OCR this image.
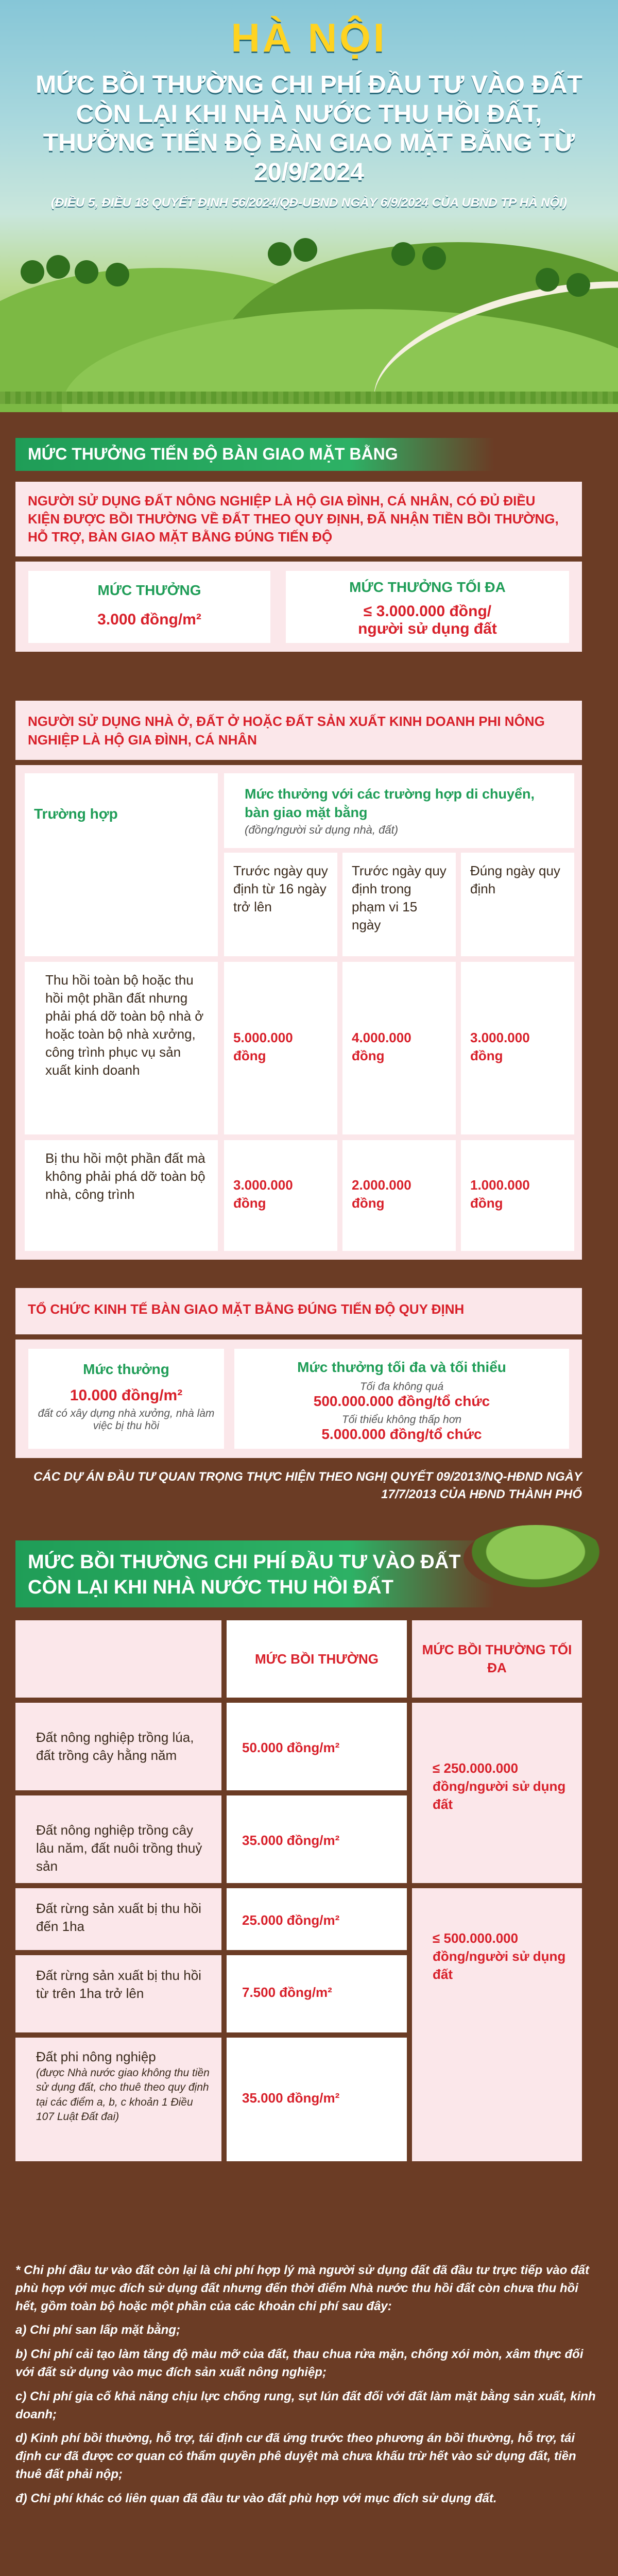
HÀ NỘI
MỨC BỒI THƯỜNG CHI PHÍ ĐẦU TƯ VÀO ĐẤT
CÒN LẠI KHI NHÀ NƯỚC THU HỒI ĐẤT,
THƯỞNG TIẾN ĐỘ BÀN GIAO MẶT BẰNG TỪ 20/9/2024
(ĐIỀU 5, ĐIỀU 18 QUYẾT ĐỊNH 56/2024/QĐ-UBND NGÀY 6/9/2024 CỦA UBND TP HÀ NỘI)
MỨC THƯỞNG TIẾN ĐỘ BÀN GIAO MẶT BẰNG
NGƯỜI SỬ DỤNG ĐẤT NÔNG NGHIỆP LÀ HỘ GIA ĐÌNH, CÁ NHÂN, CÓ ĐỦ ĐIỀU KIỆN ĐƯỢC BỒI THƯỜNG VỀ ĐẤT THEO QUY ĐỊNH, ĐÃ NHẬN TIỀN BỒI THƯỜNG, HỖ TRỢ, BÀN GIAO MẶT BẰNG ĐÚNG TIẾN ĐỘ
MỨC THƯỞNG
3.000 đồng/m²
MỨC THƯỞNG TỐI ĐA
≤ 3.000.000 đồng/
người sử dụng đất
NGƯỜI SỬ DỤNG NHÀ Ở, ĐẤT Ở HOẶC ĐẤT SẢN XUẤT KINH DOANH PHI NÔNG NGHIỆP LÀ HỘ GIA ĐÌNH, CÁ NHÂN
Trường hợp
Mức thưởng với các trường hợp di chuyển, bàn giao mặt bằng
(đồng/người sử dụng nhà, đất)
Trước ngày quy định từ 16 ngày trở lên
Trước ngày quy định trong phạm vi 15 ngày
Đúng ngày quy định
Thu hồi toàn bộ hoặc thu hồi một phần đất nhưng phải phá dỡ toàn bộ nhà ở hoặc toàn bộ nhà xưởng, công trình phục vụ sản xuất kinh doanh
5.000.000 đồng
4.000.000 đồng
3.000.000 đồng
Bị thu hồi một phần đất mà không phải phá dỡ toàn bộ nhà, công trình
3.000.000 đồng
2.000.000 đồng
1.000.000 đồng
TỔ CHỨC KINH TẾ BÀN GIAO MẶT BẰNG ĐÚNG TIẾN ĐỘ QUY ĐỊNH
Mức thưởng
10.000 đồng/m²
đất có xây dựng nhà xưởng, nhà làm việc bị thu hồi
Mức thưởng tối đa và tối thiểu
Tối đa không quá
500.000.000 đồng/tổ chức
Tối thiểu không thấp hơn
5.000.000 đồng/tổ chức
CÁC DỰ ÁN ĐẦU TƯ QUAN TRỌNG THỰC HIỆN THEO NGHỊ QUYẾT 09/2013/NQ-HĐND NGÀY 17/7/2013 CỦA HĐND THÀNH PHỐ
MỨC BỒI THƯỜNG CHI PHÍ ĐẦU TƯ VÀO ĐẤT
CÒN LẠI KHI NHÀ NƯỚC THU HỒI ĐẤT
MỨC BỒI THƯỜNG
MỨC BỒI THƯỜNG TỐI ĐA
Đất nông nghiệp trồng lúa, đất trồng cây hằng năm
50.000 đồng/m²
Đất nông nghiệp trồng cây lâu năm, đất nuôi trồng thuỷ sản
35.000 đồng/m²
≤ 250.000.000 đồng/người sử dụng đất
Đất rừng sản xuất bị thu hồi đến 1ha	25.000 đồng/m²
Đất rừng sản xuất bị thu hồi từ trên 1ha trở lên	7.500 đồng/m²
Đất phi nông nghiệp
(được Nhà nước giao không thu tiền sử dụng đất, cho thuê theo quy định tại các điểm a, b, c khoản 1 Điều 107 Luật Đất đai)
35.000 đồng/m²
≤ 500.000.000 đồng/người sử dụng đất

* Chi phí đầu tư vào đất còn lại là chi phí hợp lý mà người sử dụng đất đã đầu tư trực tiếp vào đất phù hợp với mục đích sử dụng đất nhưng đến thời điểm Nhà nước thu hồi đất còn chưa thu hồi hết, gồm toàn bộ hoặc một phần của các khoản chi phí sau đây:

a) Chi phí san lấp mặt bằng;

b) Chi phí cải tạo làm tăng độ màu mỡ của đất, thau chua rửa mặn, chống xói mòn, xâm thực đối với đất sử dụng vào mục đích sản xuất nông nghiệp;

c) Chi phí gia cố khả năng chịu lực chống rung, sụt lún đất đối với đất làm mặt bằng sản xuất, kinh doanh;

d) Kinh phí bồi thường, hỗ trợ, tái định cư đã ứng trước theo phương án bồi thường, hỗ trợ, tái định cư đã được cơ quan có thẩm quyền phê duyệt mà chưa khấu trừ hết vào sử dụng đất, tiền thuê đất phải nộp;

đ) Chi phí khác có liên quan đã đầu tư vào đất phù hợp với mục đích sử dụng đất.
